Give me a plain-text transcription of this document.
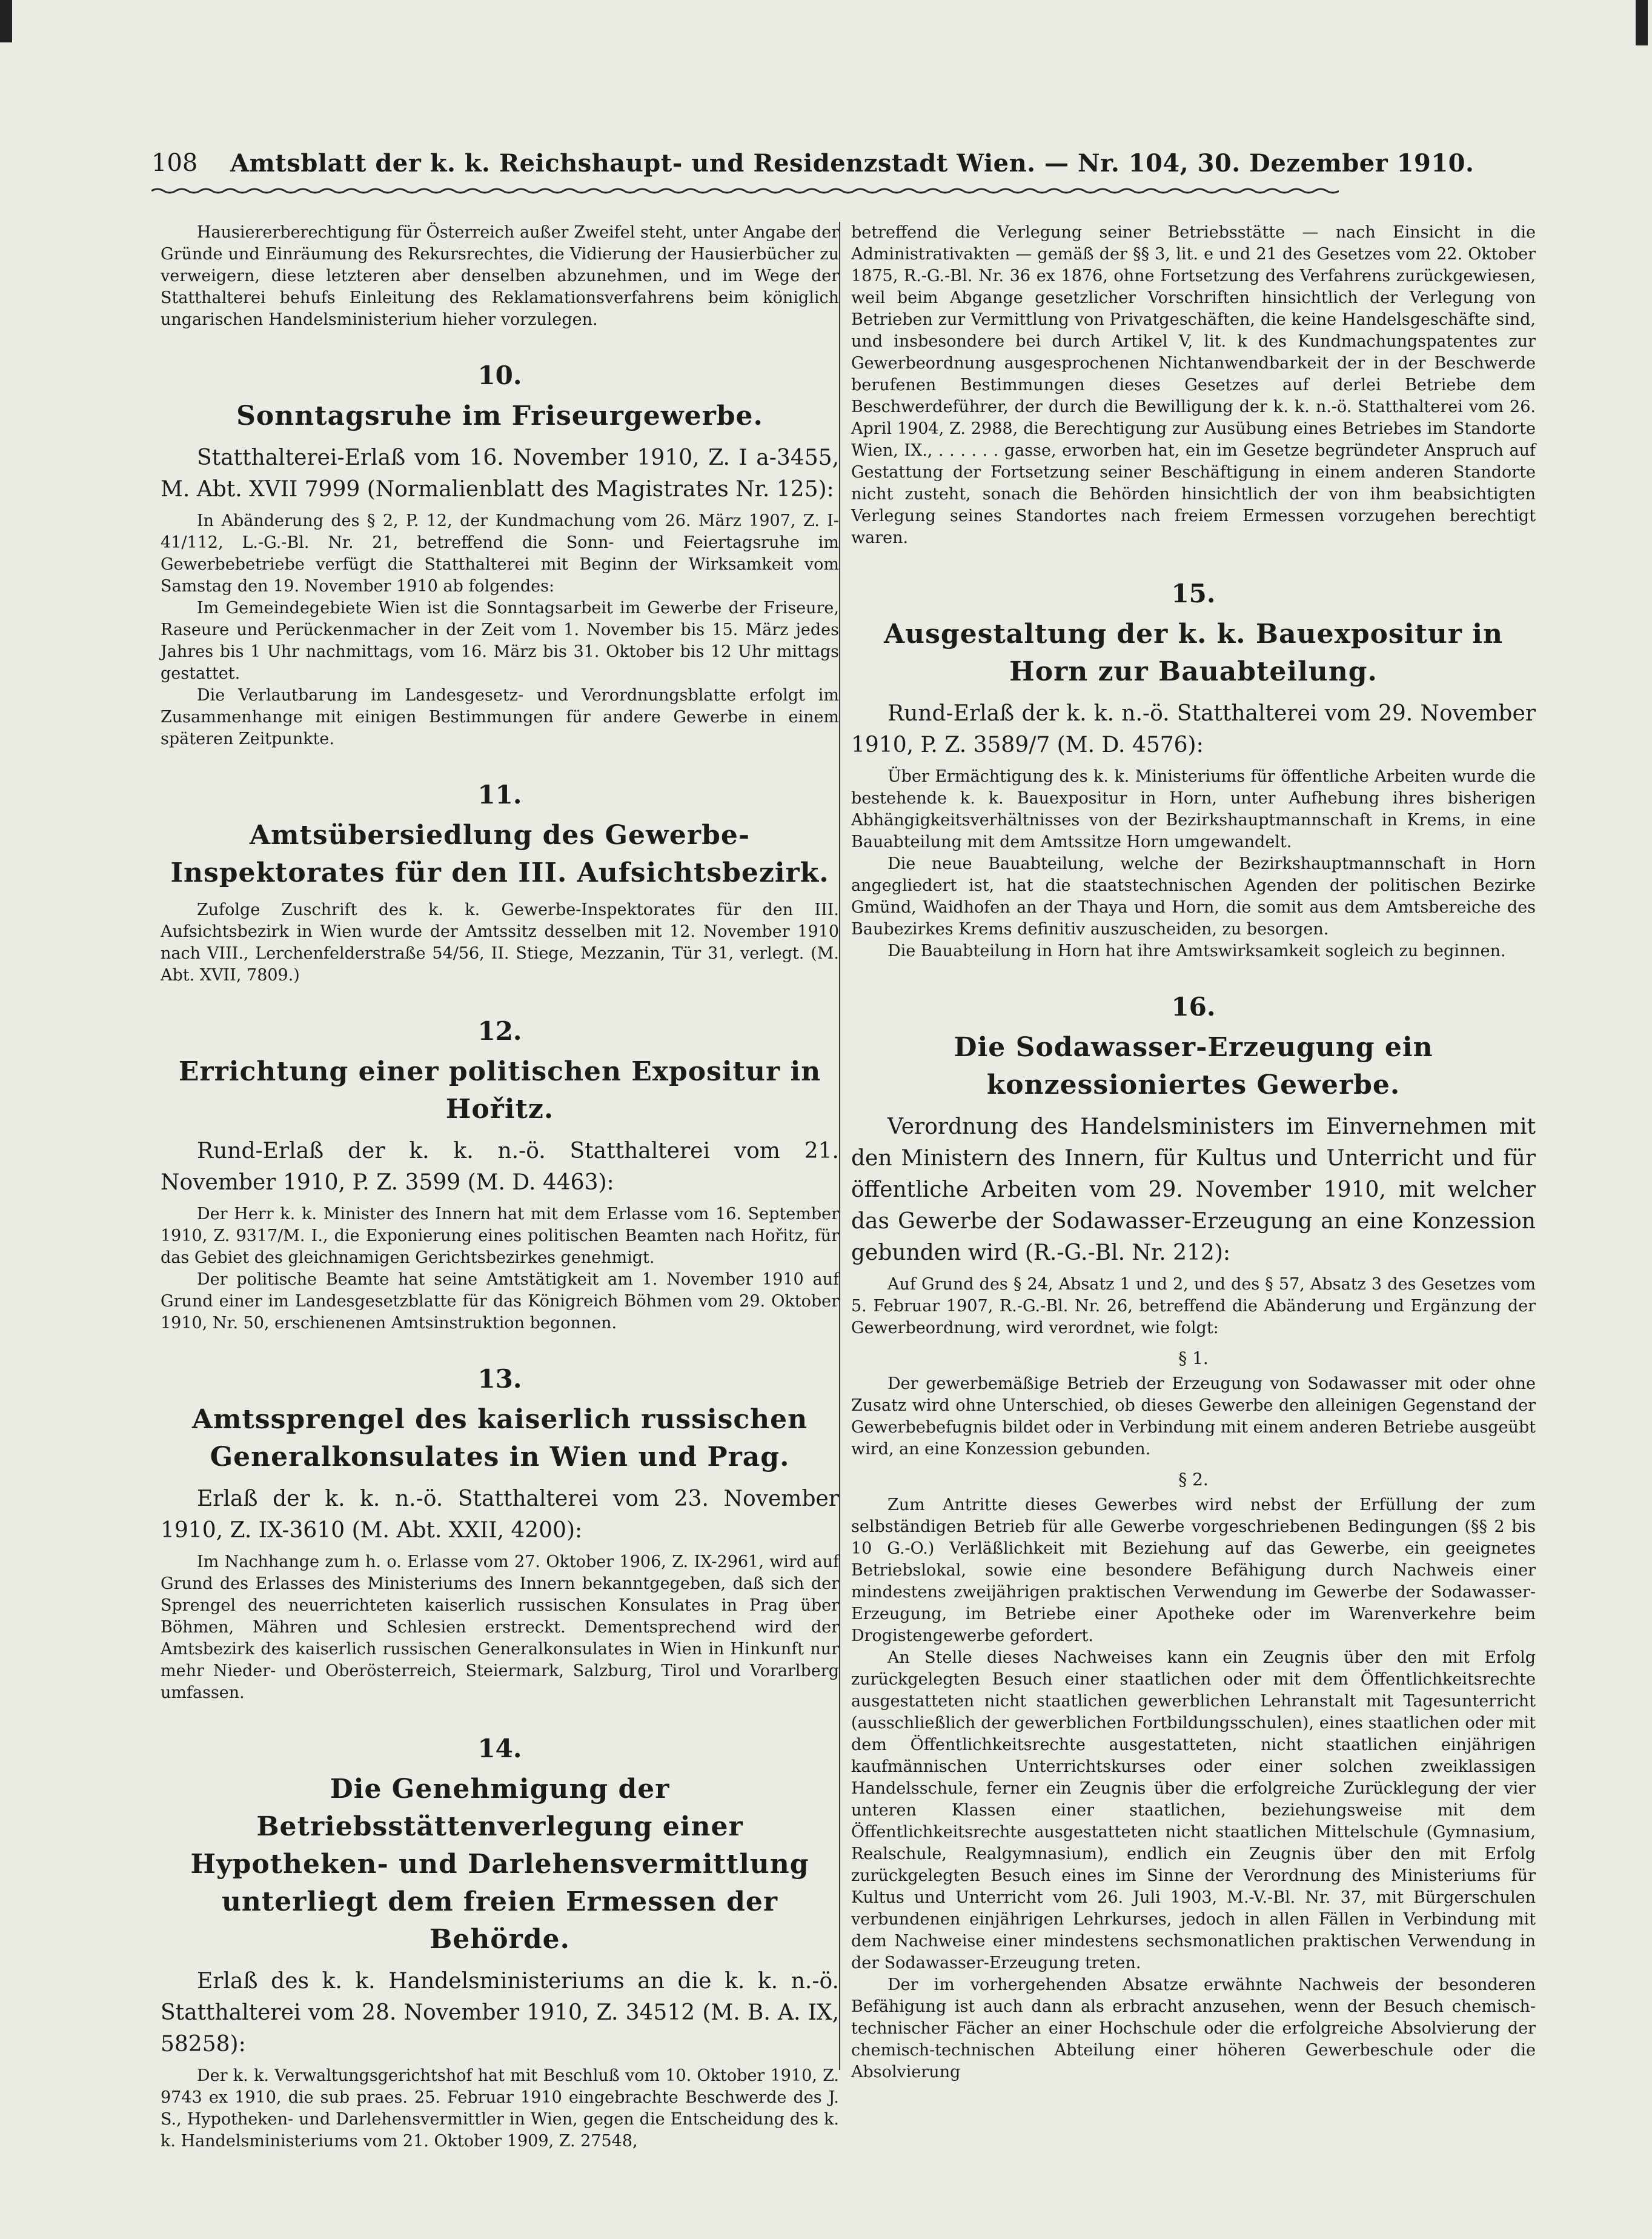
108 Amtsblatt der k. k. Reichshaupt- und Residenzstadt Wien. — Nr. 104, 30. Dezember 1910.

Hausiererberechtigung für Österreich außer Zweifel steht, unter Angabe der Gründe und Einräumung des Rekursrechtes, die Vidierung der Hausierbücher zu verweigern, diese letzteren aber denselben abzunehmen, und im Wege der Statthalterei behufs Einleitung des Reklamationsverfahrens beim königlich ungarischen Handelsministerium hieher vorzulegen.

10.
Sonntagsruhe im Friseurgewerbe.

Statthalterei-Erlaß vom 16. November 1910, Z. I a-3455, M. Abt. XVII 7999 (Normalienblatt des Magistrates Nr. 125):

In Abänderung des § 2, P. 12, der Kundmachung vom 26. März 1907, Z. I-41/112, L.-G.-Bl. Nr. 21, betreffend die Sonn- und Feiertagsruhe im Gewerbebetriebe verfügt die Statthalterei mit Beginn der Wirksamkeit vom Samstag den 19. November 1910 ab folgendes:

Im Gemeindegebiete Wien ist die Sonntagsarbeit im Gewerbe der Friseure, Raseure und Perückenmacher in der Zeit vom 1. November bis 15. März jedes Jahres bis 1 Uhr nachmittags, vom 16. März bis 31. Oktober bis 12 Uhr mittags gestattet.

Die Verlautbarung im Landesgesetz- und Verordnungsblatte erfolgt im Zusammenhange mit einigen Bestimmungen für andere Gewerbe in einem späteren Zeitpunkte.

11.
Amtsübersiedlung des Gewerbe-Inspektorates für den III. Aufsichtsbezirk.

Zufolge Zuschrift des k. k. Gewerbe-Inspektorates für den III. Aufsichtsbezirk in Wien wurde der Amtssitz desselben mit 12. November 1910 nach VIII., Lerchenfelderstraße 54/56, II. Stiege, Mezzanin, Tür 31, verlegt. (M. Abt. XVII, 7809.)

12.
Errichtung einer politischen Expositur in Hořitz.

Rund-Erlaß der k. k. n.-ö. Statthalterei vom 21. November 1910, P. Z. 3599 (M. D. 4463):

Der Herr k. k. Minister des Innern hat mit dem Erlasse vom 16. September 1910, Z. 9317/M. I., die Exponierung eines politischen Beamten nach Hořitz, für das Gebiet des gleichnamigen Gerichtsbezirkes genehmigt.

Der politische Beamte hat seine Amtstätigkeit am 1. November 1910 auf Grund einer im Landesgesetzblatte für das Königreich Böhmen vom 29. Oktober 1910, Nr. 50, erschienenen Amtsinstruktion begonnen.

13.
Amtssprengel des kaiserlich russischen Generalkonsulates in Wien und Prag.

Erlaß der k. k. n.-ö. Statthalterei vom 23. November 1910, Z. IX-3610 (M. Abt. XXII, 4200):

Im Nachhange zum h. o. Erlasse vom 27. Oktober 1906, Z. IX-2961, wird auf Grund des Erlasses des Ministeriums des Innern bekanntgegeben, daß sich der Sprengel des neuerrichteten kaiserlich russischen Konsulates in Prag über Böhmen, Mähren und Schlesien erstreckt. Dementsprechend wird der Amtsbezirk des kaiserlich russischen Generalkonsulates in Wien in Hinkunft nur mehr Nieder- und Oberösterreich, Steiermark, Salzburg, Tirol und Vorarlberg umfassen.

14.
Die Genehmigung der Betriebsstättenverlegung einer Hypotheken- und Darlehensvermittlung unterliegt dem freien Ermessen der Behörde.

Erlaß des k. k. Handelsministeriums an die k. k. n.-ö. Statthalterei vom 28. November 1910, Z. 34512 (M. B. A. IX, 58258):

Der k. k. Verwaltungsgerichtshof hat mit Beschluß vom 10. Oktober 1910, Z. 9743 ex 1910, die sub praes. 25. Februar 1910 eingebrachte Beschwerde des J. S., Hypotheken- und Darlehensvermittler in Wien, gegen die Entscheidung des k. k. Handelsministeriums vom 21. Oktober 1909, Z. 27548,

betreffend die Verlegung seiner Betriebsstätte — nach Einsicht in die Administrativakten — gemäß der §§ 3, lit. e und 21 des Gesetzes vom 22. Oktober 1875, R.-G.-Bl. Nr. 36 ex 1876, ohne Fortsetzung des Verfahrens zurückgewiesen, weil beim Abgange gesetzlicher Vorschriften hinsichtlich der Verlegung von Betrieben zur Vermittlung von Privatgeschäften, die keine Handelsgeschäfte sind, und insbesondere bei durch Artikel V, lit. k des Kundmachungspatentes zur Gewerbeordnung ausgesprochenen Nichtanwendbarkeit der in der Beschwerde berufenen Bestimmungen dieses Gesetzes auf derlei Betriebe dem Beschwerdeführer, der durch die Bewilligung der k. k. n.-ö. Statthalterei vom 26. April 1904, Z. 2988, die Berechtigung zur Ausübung eines Betriebes im Standorte Wien, IX., . . . . . . gasse, erworben hat, ein im Gesetze begründeter Anspruch auf Gestattung der Fortsetzung seiner Beschäftigung in einem anderen Standorte nicht zusteht, sonach die Behörden hinsichtlich der von ihm beabsichtigten Verlegung seines Standortes nach freiem Ermessen vorzugehen berechtigt waren.

15.
Ausgestaltung der k. k. Bauexpositur in Horn zur Bauabteilung.

Rund-Erlaß der k. k. n.-ö. Statthalterei vom 29. November 1910, P. Z. 3589/7 (M. D. 4576):

Über Ermächtigung des k. k. Ministeriums für öffentliche Arbeiten wurde die bestehende k. k. Bauexpositur in Horn, unter Aufhebung ihres bisherigen Abhängigkeitsverhältnisses von der Bezirkshauptmannschaft in Krems, in eine Bauabteilung mit dem Amtssitze Horn umgewandelt.

Die neue Bauabteilung, welche der Bezirkshauptmannschaft in Horn angegliedert ist, hat die staatstechnischen Agenden der politischen Bezirke Gmünd, Waidhofen an der Thaya und Horn, die somit aus dem Amtsbereiche des Baubezirkes Krems definitiv auszuscheiden, zu besorgen.

Die Bauabteilung in Horn hat ihre Amtswirksamkeit sogleich zu beginnen.

16.
Die Sodawasser-Erzeugung ein konzessioniertes Gewerbe.

Verordnung des Handelsministers im Einvernehmen mit den Ministern des Innern, für Kultus und Unterricht und für öffentliche Arbeiten vom 29. November 1910, mit welcher das Gewerbe der Sodawasser-Erzeugung an eine Konzession gebunden wird (R.-G.-Bl. Nr. 212):

Auf Grund des § 24, Absatz 1 und 2, und des § 57, Absatz 3 des Gesetzes vom 5. Februar 1907, R.-G.-Bl. Nr. 26, betreffend die Abänderung und Ergänzung der Gewerbeordnung, wird verordnet, wie folgt:

§ 1.

Der gewerbemäßige Betrieb der Erzeugung von Sodawasser mit oder ohne Zusatz wird ohne Unterschied, ob dieses Gewerbe den alleinigen Gegenstand der Gewerbebefugnis bildet oder in Verbindung mit einem anderen Betriebe ausgeübt wird, an eine Konzession gebunden.

§ 2.

Zum Antritte dieses Gewerbes wird nebst der Erfüllung der zum selbständigen Betrieb für alle Gewerbe vorgeschriebenen Bedingungen (§§ 2 bis 10 G.-O.) Verläßlichkeit mit Beziehung auf das Gewerbe, ein geeignetes Betriebslokal, sowie eine besondere Befähigung durch Nachweis einer mindestens zweijährigen praktischen Verwendung im Gewerbe der Sodawasser-Erzeugung, im Betriebe einer Apotheke oder im Warenverkehre beim Drogistengewerbe gefordert.

An Stelle dieses Nachweises kann ein Zeugnis über den mit Erfolg zurückgelegten Besuch einer staatlichen oder mit dem Öffentlichkeitsrechte ausgestatteten nicht staatlichen gewerblichen Lehranstalt mit Tagesunterricht (ausschließlich der gewerblichen Fortbildungsschulen), eines staatlichen oder mit dem Öffentlichkeitsrechte ausgestatteten, nicht staatlichen einjährigen kaufmännischen Unterrichtskurses oder einer solchen zweiklassigen Handelsschule, ferner ein Zeugnis über die erfolgreiche Zurücklegung der vier unteren Klassen einer staatlichen, beziehungsweise mit dem Öffentlichkeitsrechte ausgestatteten nicht staatlichen Mittelschule (Gymnasium, Realschule, Realgymnasium), endlich ein Zeugnis über den mit Erfolg zurückgelegten Besuch eines im Sinne der Verordnung des Ministeriums für Kultus und Unterricht vom 26. Juli 1903, M.-V.-Bl. Nr. 37, mit Bürgerschulen verbundenen einjährigen Lehrkurses, jedoch in allen Fällen in Verbindung mit dem Nachweise einer mindestens sechsmonatlichen praktischen Verwendung in der Sodawasser-Erzeugung treten.

Der im vorhergehenden Absatze erwähnte Nachweis der besonderen Befähigung ist auch dann als erbracht anzusehen, wenn der Besuch chemisch-technischer Fächer an einer Hochschule oder die erfolgreiche Absolvierung der chemisch-technischen Abteilung einer höheren Gewerbeschule oder die Absolvierung
